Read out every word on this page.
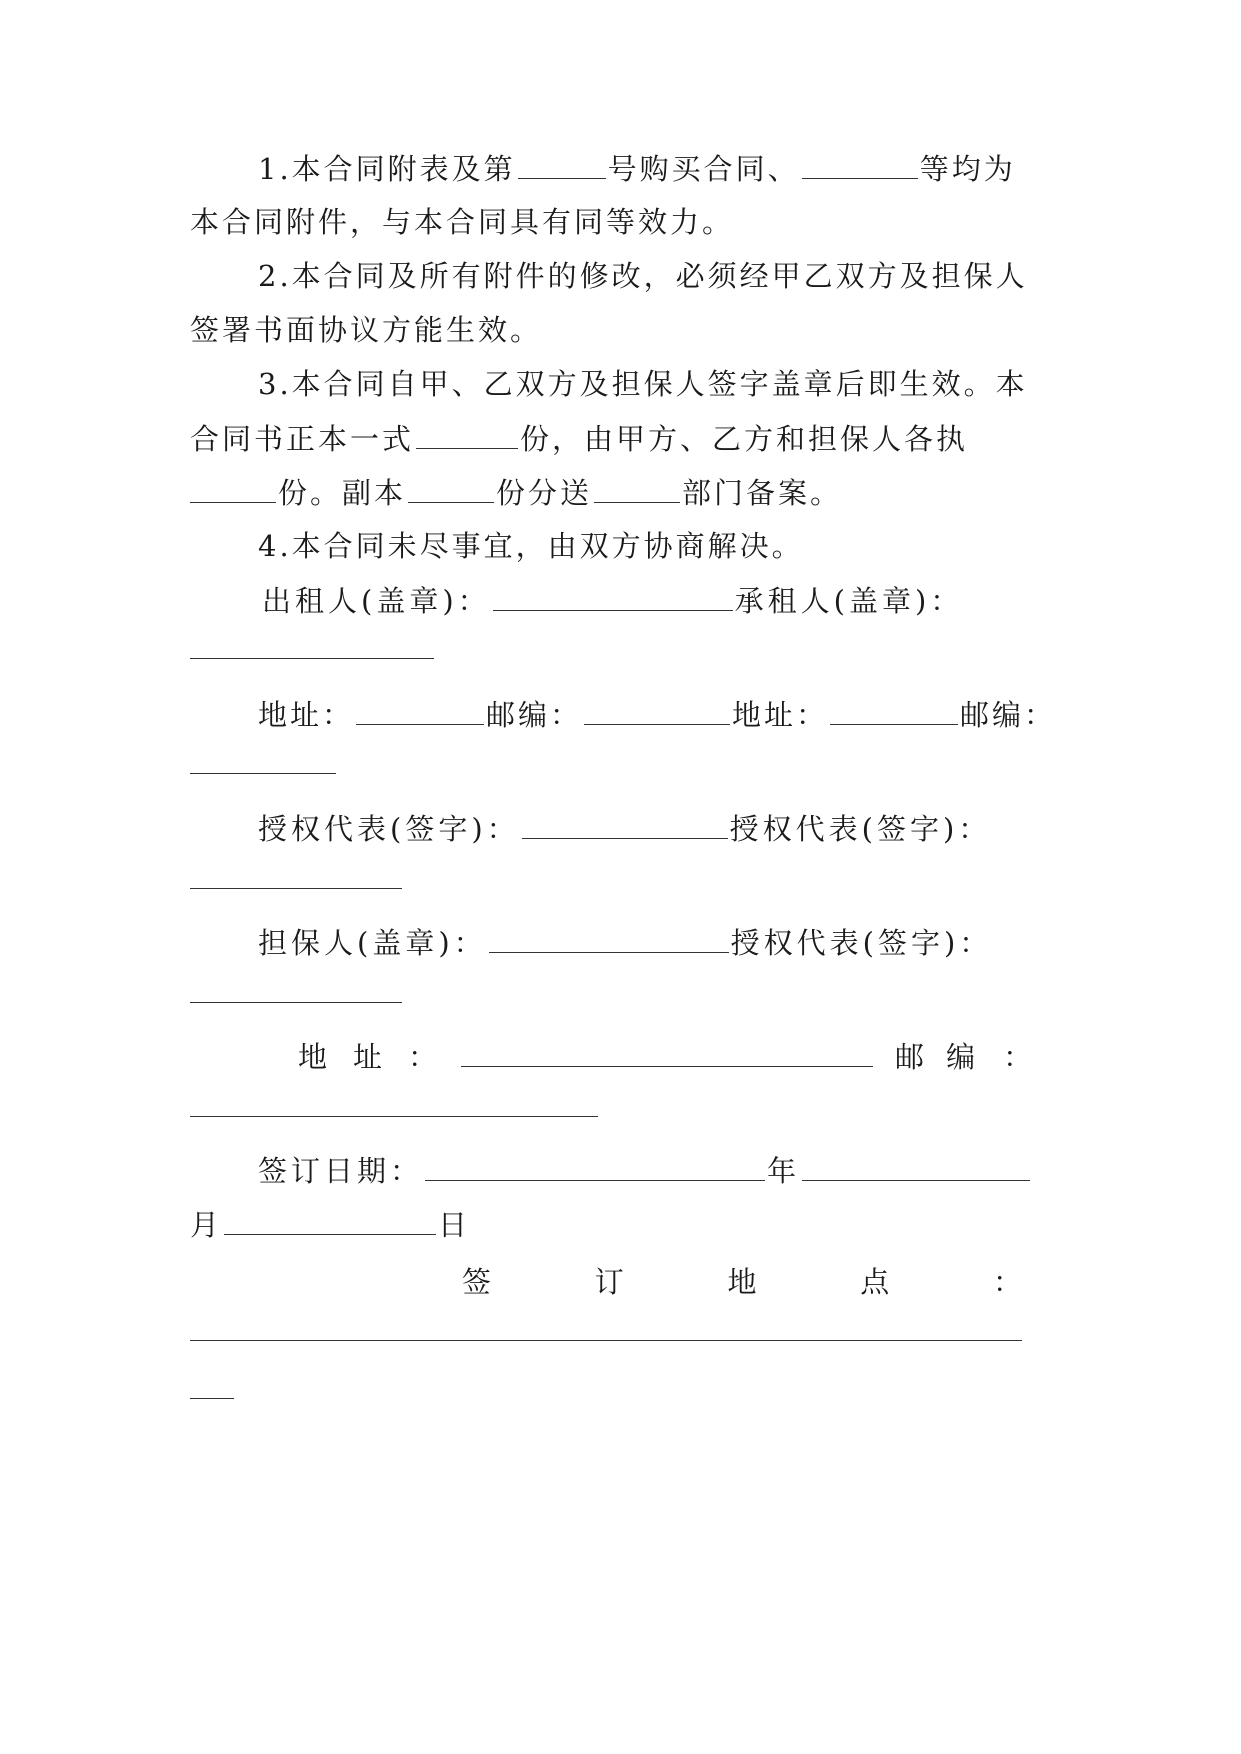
1.本合同附表及第	号购买合同、	等均为
本合同附件，与本合同具有同等效力。
2.本合同及所有附件的修改，必须经甲乙双方及担保人
签署书面协议方能生效。
3.本合同自甲、乙双方及担保人签字盖章后即生效。本
合同书正本一式	份，由甲方、乙方和担保人各执
份。副本	份分送	部门备案。
4.本合同未尽事宜，由双方协商解决。
出租人(盖章)：	承租人(盖章)：
地址：	邮编：	地址：	邮编：
授权代表(签字)：	授权代表(签字)：
担保人(盖章)：	授权代表(签字)：
地 址 ：	邮 编 ：
签订日期：	年
月	日
签	订	地	点	：
